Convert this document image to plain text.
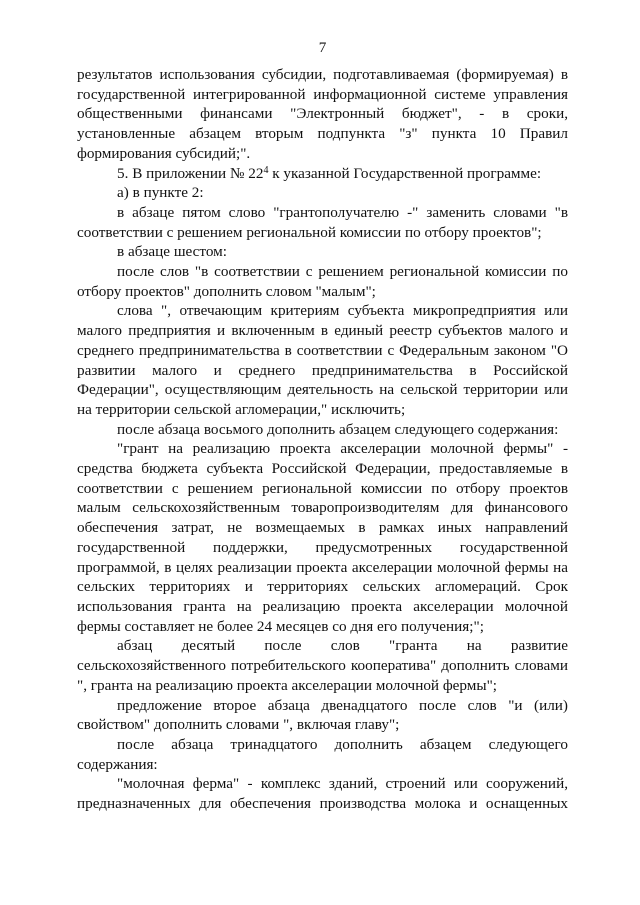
7

результатов использования субсидии, подготавливаемая (формируемая) в государственной интегрированной информационной системе управления общественными финансами "Электронный бюджет", - в сроки, установленные абзацем вторым подпункта "з" пункта 10 Правил формирования субсидий;".

5. В приложении № $22^4$ к указанной Государственной программе:

а) в пункте 2:

в абзаце пятом слово "грантополучателю -" заменить словами "в соответствии с решением региональной комиссии по отбору проектов";

в абзаце шестом:

после слов "в соответствии с решением региональной комиссии по отбору проектов" дополнить словом "малым";

слова ", отвечающим критериям субъекта микропредприятия или малого предприятия и включенным в единый реестр субъектов малого и среднего предпринимательства в соответствии с Федеральным законом "О развитии малого и среднего предпринимательства в Российской Федерации", осуществляющим деятельность на сельской территории или на территории сельской агломерации," исключить;

после абзаца восьмого дополнить абзацем следующего содержания:

"грант на реализацию проекта акселерации молочной фермы" - средства бюджета субъекта Российской Федерации, предоставляемые в соответствии с решением региональной комиссии по отбору проектов малым сельскохозяйственным товаропроизводителям для финансового обеспечения затрат, не возмещаемых в рамках иных направлений государственной поддержки, предусмотренных государственной программой, в целях реализации проекта акселерации молочной фермы на сельских территориях и территориях сельских агломераций. Срок использования гранта на реализацию проекта акселерации молочной фермы составляет не более 24 месяцев со дня его получения;";

абзац десятый после слов "гранта на развитие сельскохозяйственного потребительского кооператива" дополнить словами ", гранта на реализацию проекта акселерации молочной фермы";

предложение второе абзаца двенадцатого после слов "и (или) свойством" дополнить словами ", включая главу";

после абзаца тринадцатого дополнить абзацем следующего содержания:

"молочная ферма" - комплекс зданий, строений или сооружений, предназначенных для обеспечения производства молока и оснащенных
